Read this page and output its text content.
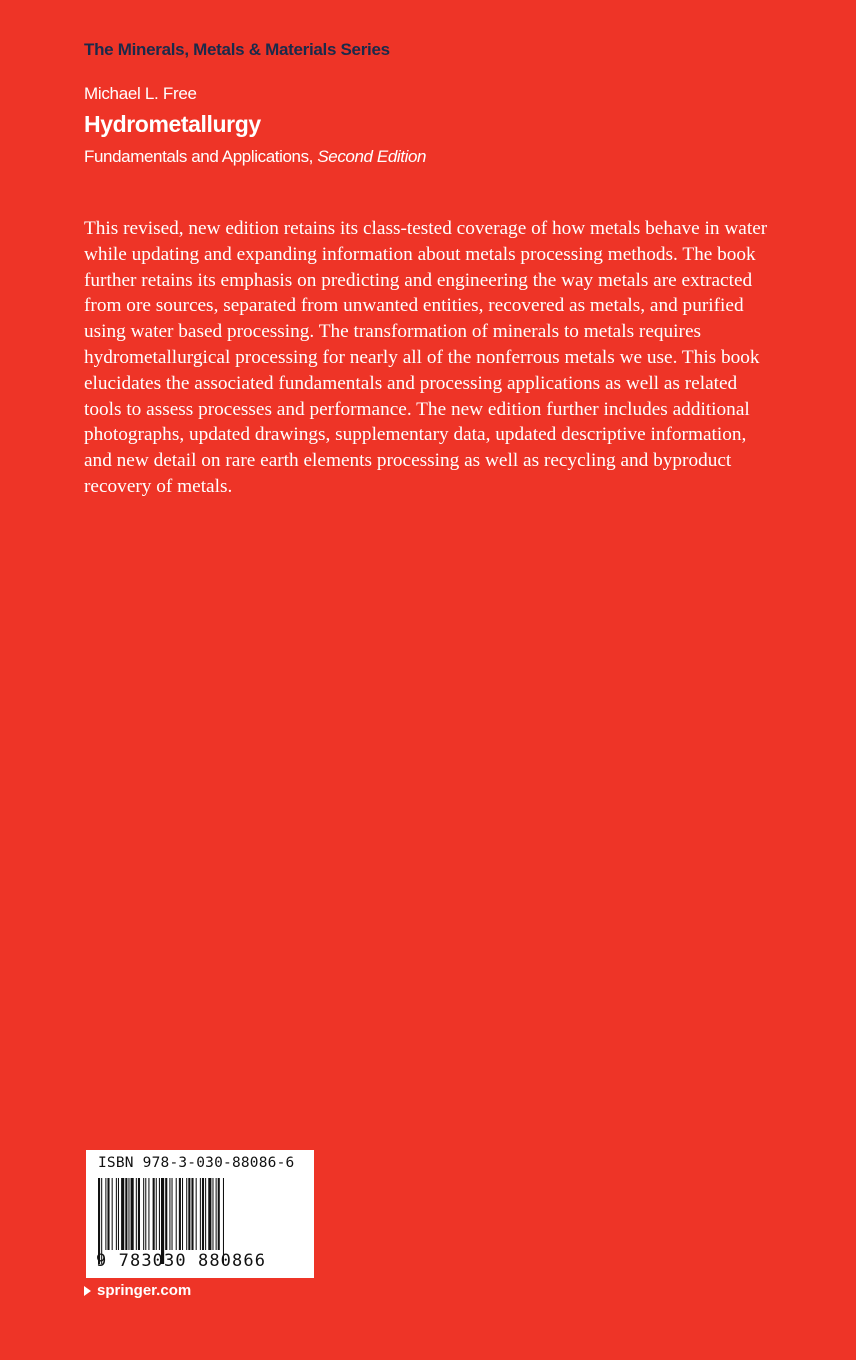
The Minerals, Metals & Materials Series
Michael L. Free
Hydrometallurgy
Fundamentals and Applications, Second Edition

This revised, new edition retains its class-tested coverage of how metals behave in water while updating and expanding information about metals processing methods. The book further retains its emphasis on predicting and engineering the way metals are extracted from ore sources, separated from unwanted entities, recovered as metals, and purified using water based processing. The transformation of minerals to metals requires hydrometallurgical processing for nearly all of the nonferrous metals we use. This book elucidates the associated fundamentals and processing applications as well as related tools to assess processes and performance. The new edition further includes additional photographs, updated drawings, supplementary data, updated descriptive information, and new detail on rare earth elements processing as well as recycling and byproduct recovery of metals.

ISBN 978-3-030-88086-6
9 783030 880866
springer.com
